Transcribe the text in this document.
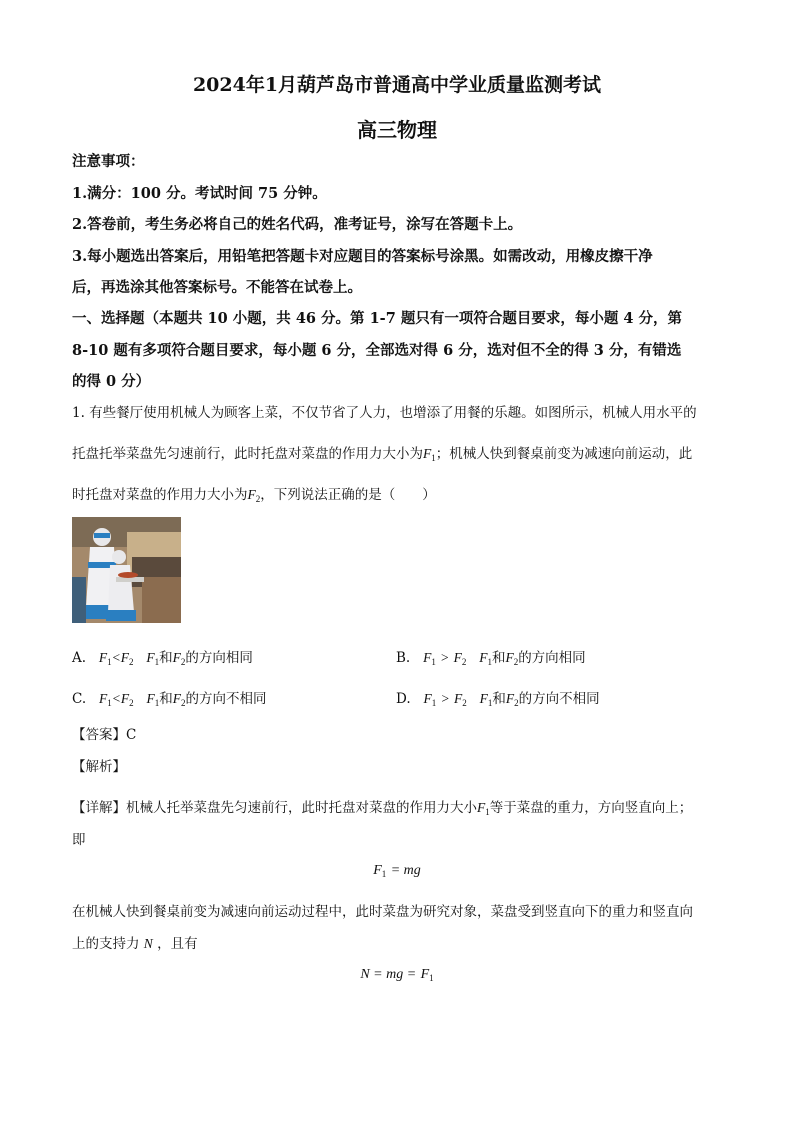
2024年1月葫芦岛市普通高中学业质量监测考试
高三物理
注意事项：
1.满分：100 分。考试时间 75 分钟。
2.答卷前，考生务必将自己的姓名代码，准考证号，涂写在答题卡上。
3.每小题选出答案后，用铅笔把答题卡对应题目的答案标号涂黑。如需改动，用橡皮擦干净
后，再选涂其他答案标号。不能答在试卷上。
一、选择题（本题共 10 小题，共 46 分。第 1-7 题只有一项符合题目要求，每小题 4 分，第
8-10 题有多项符合题目要求，每小题 6 分，全部选对得 6 分，选对但不全的得 3 分，有错选
的得 0 分）
1. 有些餐厅使用机械人为顾客上菜，不仅节省了人力，也增添了用餐的乐趣。如图所示，机械人用水平的
托盘托举菜盘先匀速前行，此时托盘对菜盘的作用力大小为$F_1$；机械人快到餐桌前变为减速向前运动，此
时托盘对菜盘的作用力大小为$F_2$，下列说法正确的是（　　）
A. $F_1<F_2$ $F_1$和$F_2$的方向相同	B. $F_1 > F_2$ $F_1$和$F_2$的方向相同
C. $F_1<F_2$ $F_1$和$F_2$的方向不相同	D. $F_1 > F_2$ $F_1$和$F_2$的方向不相同
【答案】C
【解析】
【详解】机械人托举菜盘先匀速前行，此时托盘对菜盘的作用力大小$F_1$等于菜盘的重力，方向竖直向上；
即
$F_1$ = mg
在机械人快到餐桌前变为减速向前运动过程中，此时菜盘为研究对象，菜盘受到竖直向下的重力和竖直向
上的支持力 N ，且有
N = mg = $F_1$
